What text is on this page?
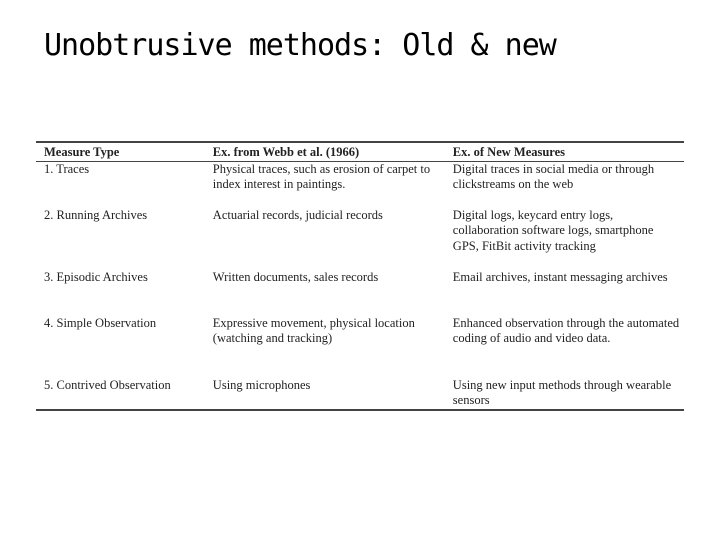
Unobtrusive methods: Old & new
Measure Type	Ex. from Webb et al. (1966)	Ex. of New Measures
1. Traces	Physical traces, such as erosion of carpet to index interest in paintings.	Digital traces in social media or through clickstreams on the web
2. Running Archives	Actuarial records, judicial records	Digital logs, keycard entry logs, collaboration software logs, smartphone GPS, FitBit activity tracking
3. Episodic Archives	Written documents, sales records	Email archives, instant messaging archives
4. Simple Observation	Expressive movement, physical location (watching and tracking)	Enhanced observation through the automated coding of audio and video data.
5. Contrived Observation	Using microphones	Using new input methods through wearable sensors
